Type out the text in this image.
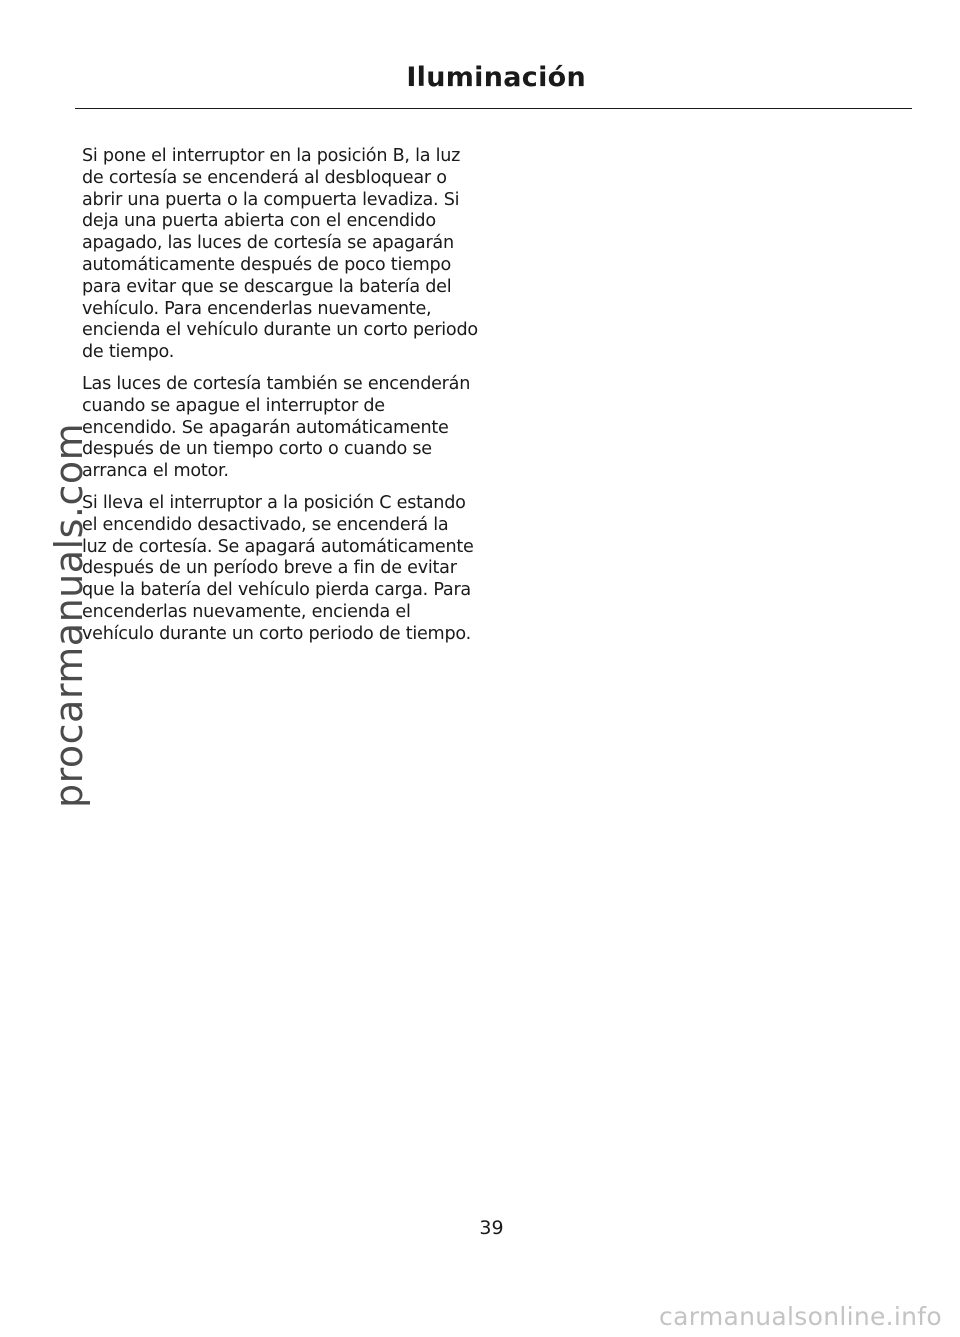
Iluminación

Si pone el interruptor en la posición B, la luz de cortesía se encenderá al desbloquear o abrir una puerta o la compuerta levadiza. Si deja una puerta abierta con el encendido apagado, las luces de cortesía se apagarán automáticamente después de poco tiempo para evitar que se descargue la batería del vehículo. Para encenderlas nuevamente, encienda el vehículo durante un corto periodo de tiempo.

Las luces de cortesía también se encenderán cuando se apague el interruptor de encendido. Se apagarán automáticamente después de un tiempo corto o cuando se arranca el motor.

Si lleva el interruptor a la posición C estando el encendido desactivado, se encenderá la luz de cortesía. Se apagará automáticamente después de un período breve a fin de evitar que la batería del vehículo pierda carga. Para encenderlas nuevamente, encienda el vehículo durante un corto periodo de tiempo.

procarmanuals.com

39

carmanualsonline.info
